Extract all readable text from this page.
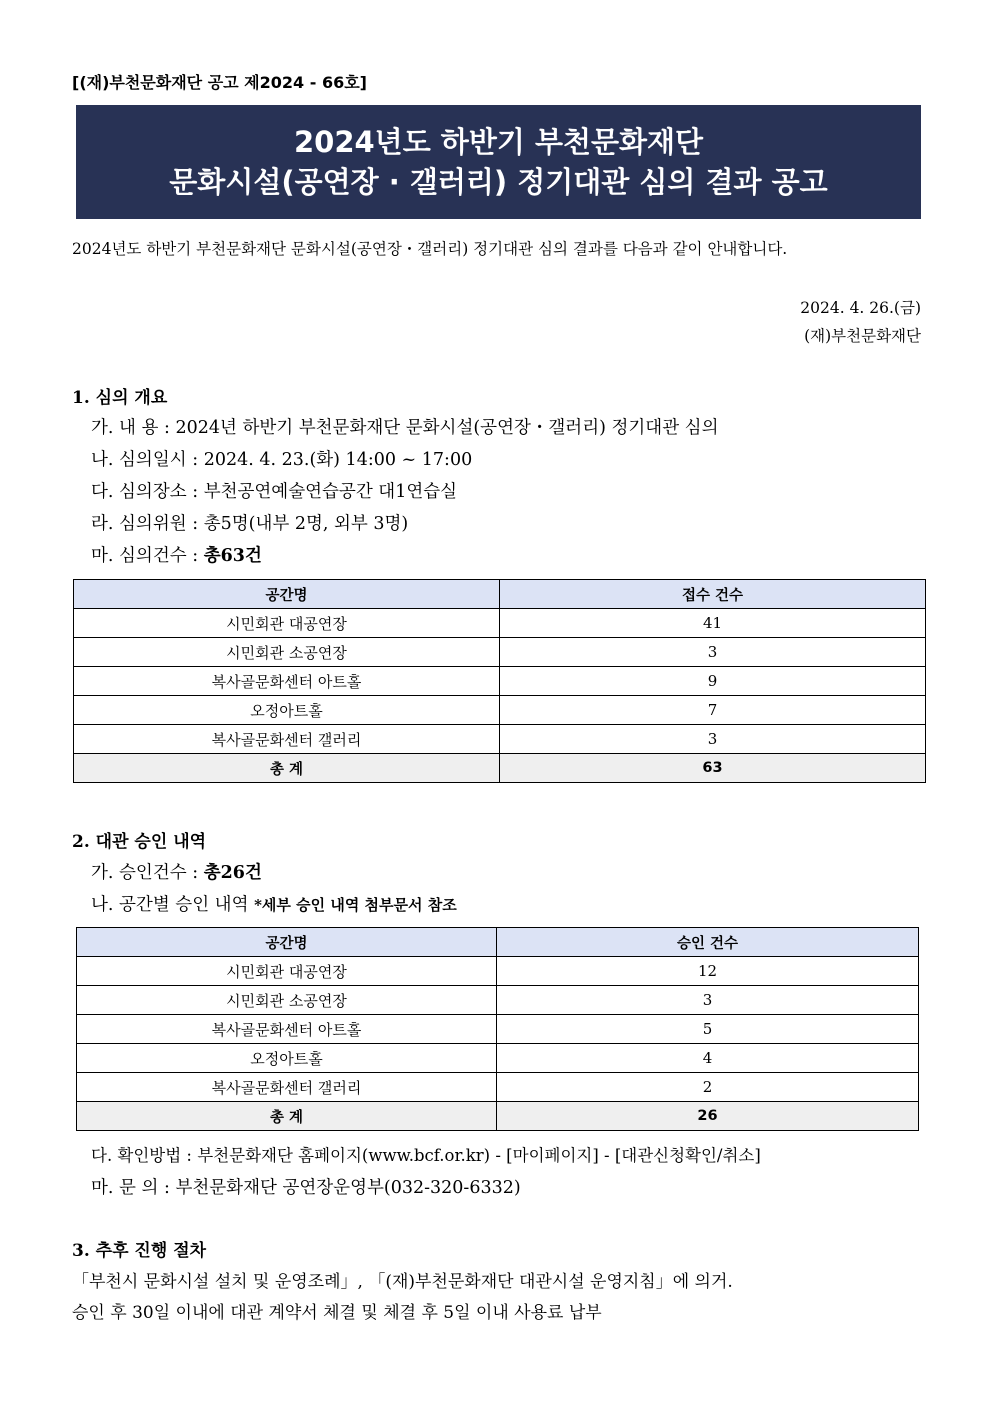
[(재)부천문화재단 공고 제2024 - 66호]
2024년도 하반기 부천문화재단
문화시설(공연장 · 갤러리) 정기대관 심의 결과 공고
2024년도 하반기 부천문화재단 문화시설(공연장・갤러리) 정기대관 심의 결과를 다음과 같이 안내합니다.
2024. 4. 26.(금)
(재)부천문화재단
1. 심의 개요
가. 내 용 : 2024년 하반기 부천문화재단 문화시설(공연장・갤러리) 정기대관 심의
나. 심의일시 : 2024. 4. 23.(화) 14:00 ~ 17:00
다. 심의장소 : 부천공연예술연습공간 대1연습실
라. 심의위원 : 총5명(내부 2명, 외부 3명)
마. 심의건수 : 총63건
공간명	접수 건수
시민회관 대공연장	41
시민회관 소공연장	3
복사골문화센터 아트홀	9
오정아트홀	7
복사골문화센터 갤러리	3
총 계	63
2. 대관 승인 내역
가. 승인건수 : 총26건
나. 공간별 승인 내역 *세부 승인 내역 첨부문서 참조
공간명	승인 건수
시민회관 대공연장	12
시민회관 소공연장	3
복사골문화센터 아트홀	5
오정아트홀	4
복사골문화센터 갤러리	2
총 계	26
다. 확인방법 : 부천문화재단 홈페이지(www.bcf.or.kr) - [마이페이지] - [대관신청확인/취소]
마. 문 의 : 부천문화재단 공연장운영부(032-320-6332)
3. 추후 진행 절차
「부천시 문화시설 설치 및 운영조례」, 「(재)부천문화재단 대관시설 운영지침」에 의거.
승인 후 30일 이내에 대관 계약서 체결 및 체결 후 5일 이내 사용료 납부
